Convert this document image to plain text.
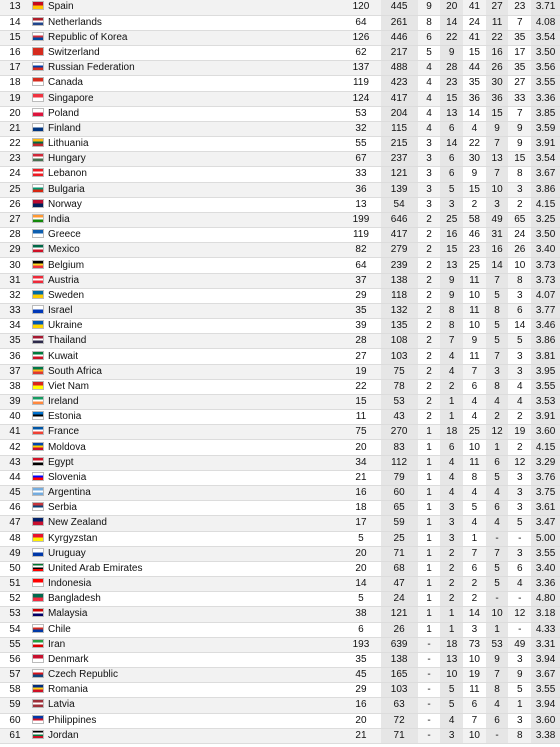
13	Spain	120	445	9	20	41	27	23	3.71
14	Netherlands	64	261	8	14	24	11	7	4.08
15	Republic of Korea	126	446	6	22	41	22	35	3.54
16	Switzerland	62	217	5	9	15	16	17	3.50
17	Russian Federation	137	488	4	28	44	26	35	3.56
18	Canada	119	423	4	23	35	30	27	3.55
19	Singapore	124	417	4	15	36	36	33	3.36
20	Poland	53	204	4	13	14	15	7	3.85
21	Finland	32	115	4	6	4	9	9	3.59
22	Lithuania	55	215	3	14	22	7	9	3.91
23	Hungary	67	237	3	6	30	13	15	3.54
24	Lebanon	33	121	3	6	9	7	8	3.67
25	Bulgaria	36	139	3	5	15	10	3	3.86
26	Norway	13	54	3	3	2	3	2	4.15
27	India	199	646	2	25	58	49	65	3.25
28	Greece	119	417	2	16	46	31	24	3.50
29	Mexico	82	279	2	15	23	16	26	3.40
30	Belgium	64	239	2	13	25	14	10	3.73
31	Austria	37	138	2	9	11	7	8	3.73
32	Sweden	29	118	2	9	10	5	3	4.07
33	Israel	35	132	2	8	11	8	6	3.77
34	Ukraine	39	135	2	8	10	5	14	3.46
35	Thailand	28	108	2	7	9	5	5	3.86
36	Kuwait	27	103	2	4	11	7	3	3.81
37	South Africa	19	75	2	4	7	3	3	3.95
38	Viet Nam	22	78	2	2	6	8	4	3.55
39	Ireland	15	53	2	1	4	4	4	3.53
40	Estonia	11	43	2	1	4	2	2	3.91
41	France	75	270	1	18	25	12	19	3.60
42	Moldova	20	83	1	6	10	1	2	4.15
43	Egypt	34	112	1	4	11	6	12	3.29
44	Slovenia	21	79	1	4	8	5	3	3.76
45	Argentina	16	60	1	4	4	4	3	3.75
46	Serbia	18	65	1	3	5	6	3	3.61
47	New Zealand	17	59	1	3	4	4	5	3.47
48	Kyrgyzstan	5	25	1	3	1	-	-	5.00
49	Uruguay	20	71	1	2	7	7	3	3.55
50	United Arab Emirates	20	68	1	2	6	5	6	3.40
51	Indonesia	14	47	1	2	2	5	4	3.36
52	Bangladesh	5	24	1	2	2	-	-	4.80
53	Malaysia	38	121	1	1	14	10	12	3.18
54	Chile	6	26	1	1	3	1	-	4.33
55	Iran	193	639	-	18	73	53	49	3.31
56	Denmark	35	138	-	13	10	9	3	3.94
57	Czech Republic	45	165	-	10	19	7	9	3.67
58	Romania	29	103	-	5	11	8	5	3.55
59	Latvia	16	63	-	5	6	4	1	3.94
60	Philippines	20	72	-	4	7	6	3	3.60
61	Jordan	21	71	-	3	10	-	8	3.38
